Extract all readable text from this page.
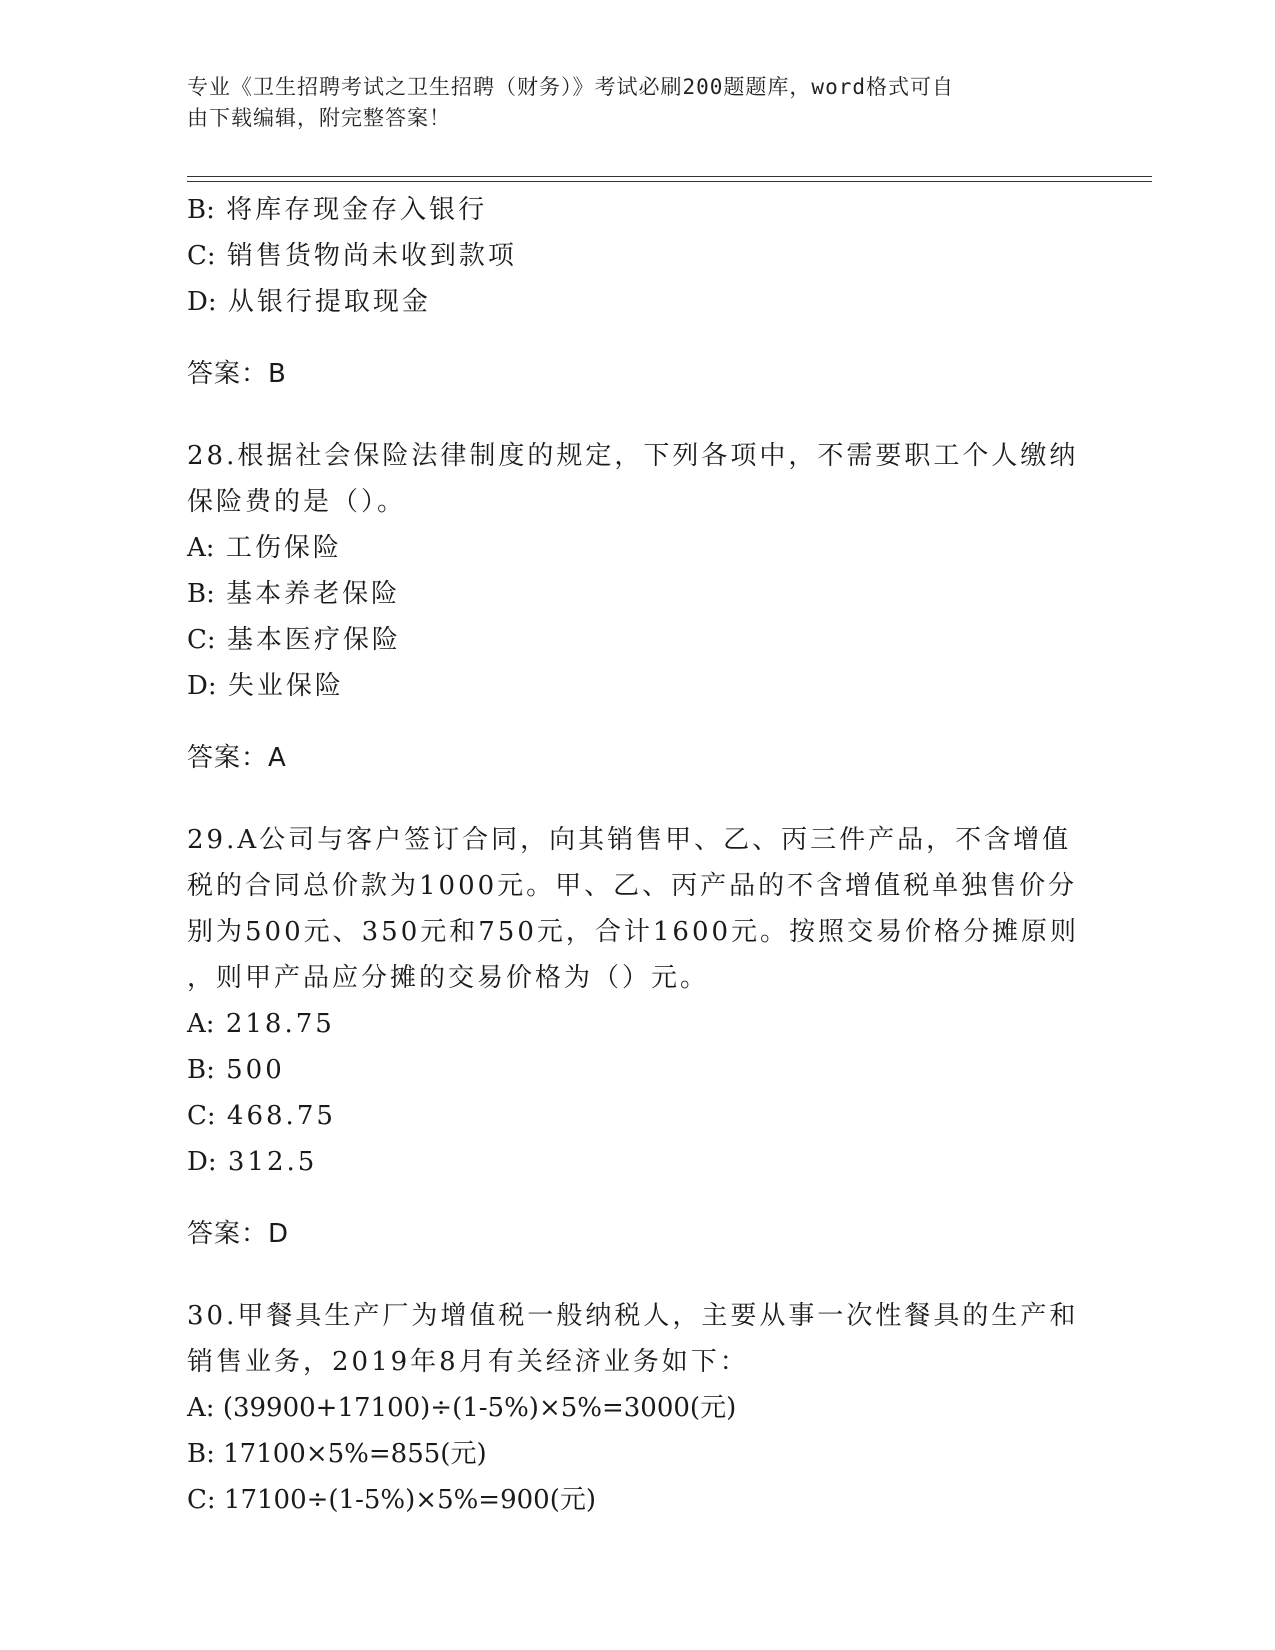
专业《卫生招聘考试之卫生招聘（财务）》考试必刷200题题库，word格式可自
由下载编辑，附完整答案！

B: 将库存现金存入银行

C: 销售货物尚未收到款项

D: 从银行提取现金

答案：B

28.根据社会保险法律制度的规定，下列各项中，不需要职工个人缴纳

保险费的是（）。

A: 工伤保险

B: 基本养老保险

C: 基本医疗保险

D: 失业保险

答案：A

29.A公司与客户签订合同，向其销售甲、乙、丙三件产品，不含增值

税的合同总价款为1000元。甲、乙、丙产品的不含增值税单独售价分

别为500元、350元和750元，合计1600元。按照交易价格分摊原则

，则甲产品应分摊的交易价格为（）元。

A: 218.75

B: 500

C: 468.75

D: 312.5

答案：D

30.甲餐具生产厂为增值税一般纳税人，主要从事一次性餐具的生产和

销售业务，2019年8月有关经济业务如下：

A: (39900+17100)÷(1-5%)×5%=3000(元)

B: 17100×5%=855(元)

C: 17100÷(1-5%)×5%=900(元)
